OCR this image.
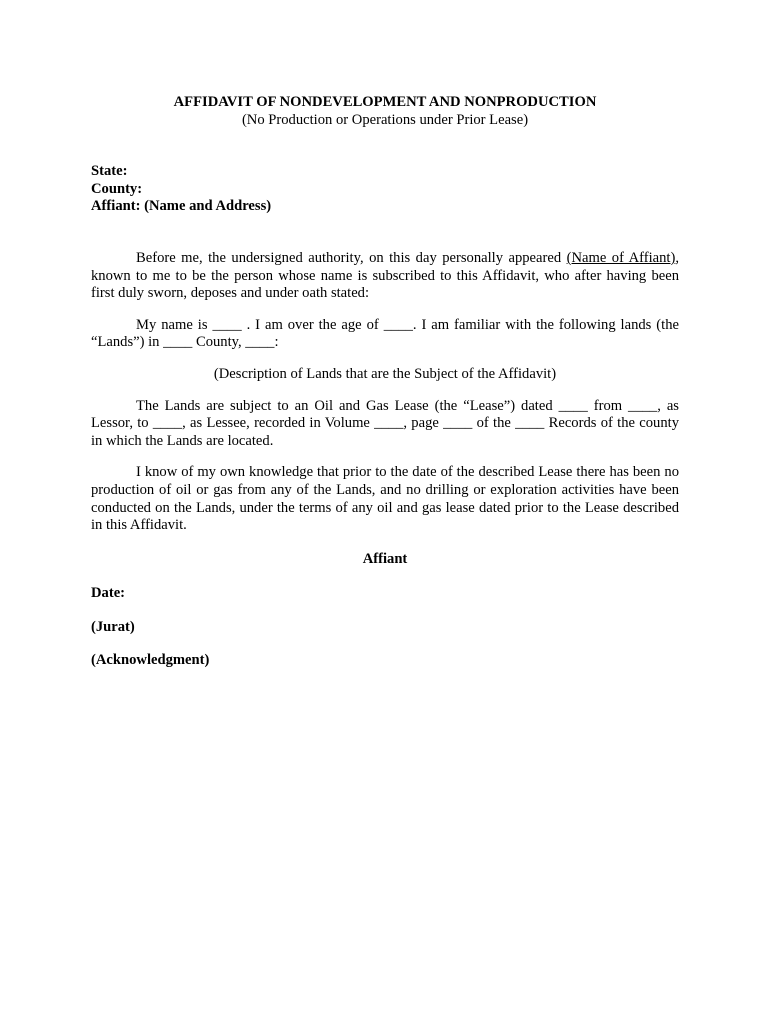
AFFIDAVIT OF NONDEVELOPMENT AND NONPRODUCTION
(No Production or Operations under Prior Lease)
State:
County:
Affiant: (Name and Address)

Before me, the undersigned authority, on this day personally appeared (Name of Affiant), known to me to be the person whose name is subscribed to this Affidavit, who after having been first duly sworn, deposes and under oath stated:

My name is ____ . I am over the age of ____. I am familiar with the following lands (the “Lands”) in ____ County, ____:

(Description of Lands that are the Subject of the Affidavit)

The Lands are subject to an Oil and Gas Lease (the “Lease”) dated ____ from ____, as Lessor, to ____, as Lessee, recorded in Volume ____, page ____ of the ____ Records of the county in which the Lands are located.

I know of my own knowledge that prior to the date of the described Lease there has been no production of oil or gas from any of the Lands, and no drilling or exploration activities have been conducted on the Lands, under the terms of any oil and gas lease dated prior to the Lease described in this Affidavit.

Affiant

Date:

(Jurat)

(Acknowledgment)
